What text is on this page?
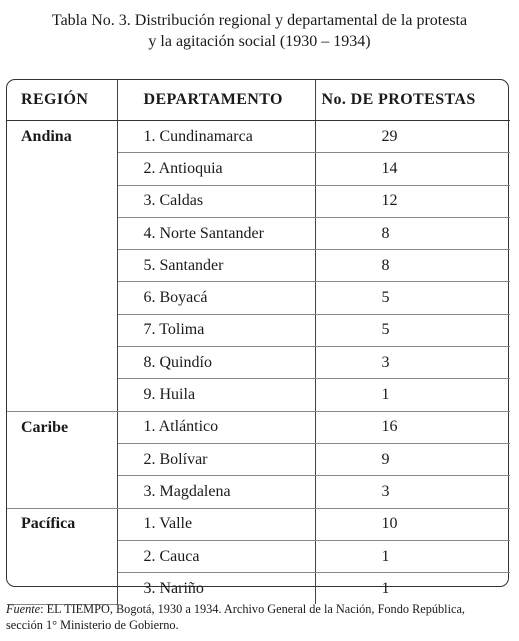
Tabla No. 3. Distribución regional y departamental de la protesta
y la agitación social (1930 – 1934)
REGIÓN	DEPARTAMENTO	No. DE PROTESTAS
Andina	1. Cundinamarca	29
	2. Antioquia	14
	3. Caldas	12
	4. Norte Santander	8
	5. Santander	8
	6. Boyacá	5
	7. Tolima	5
	8. Quindío	3
	9. Huila	1
Caribe	1. Atlántico	16
	2. Bolívar	9
	3. Magdalena	3
Pacífica	1. Valle	10
	2. Cauca	1
	3. Nariño	1
Fuente: EL TIEMPO, Bogotá, 1930 a 1934. Archivo General de la Nación, Fondo República,
sección 1° Ministerio de Gobierno.
